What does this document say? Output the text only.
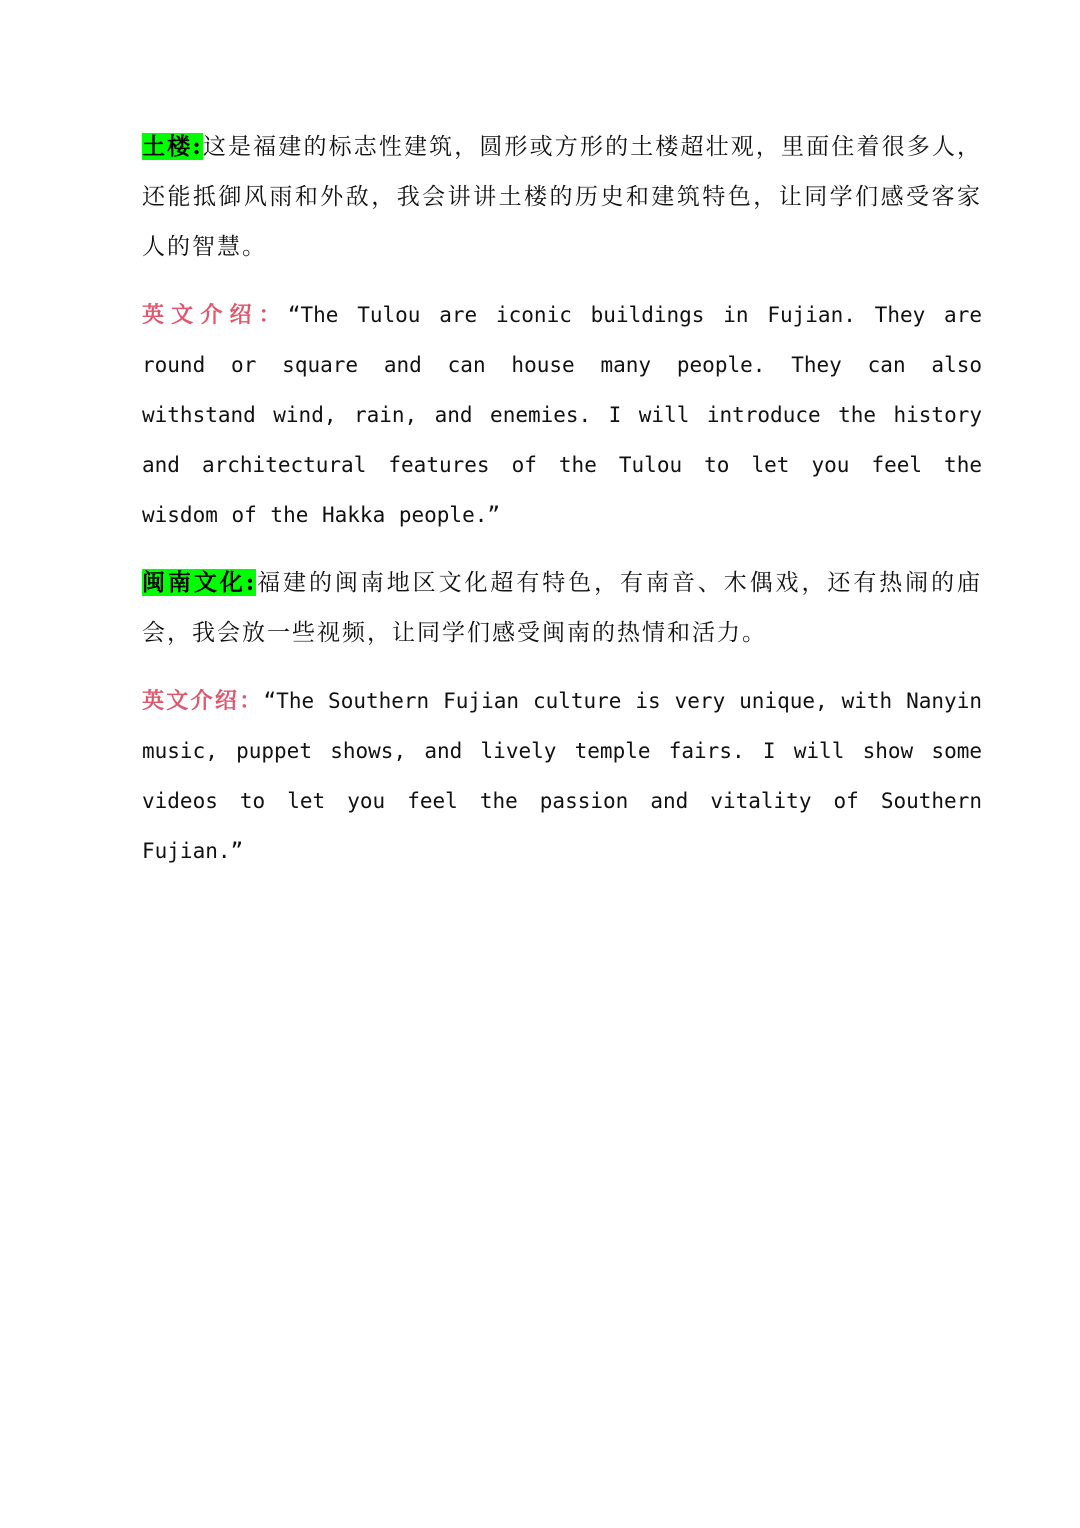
土楼:这是福建的标志性建筑，圆形或方形的土楼超壮观，里面住着很多人，还能抵御风雨和外敌，我会讲讲土楼的历史和建筑特色，让同学们感受客家人的智慧。

英文介绍：“The Tulou are iconic buildings in Fujian. They are round or square and can house many people. They can also withstand wind, rain, and enemies. I will introduce the history and architectural features of the Tulou to let you feel the wisdom of the Hakka people.”

闽南文化:福建的闽南地区文化超有特色，有南音、木偶戏，还有热闹的庙会，我会放一些视频，让同学们感受闽南的热情和活力。

英文介绍：“The Southern Fujian culture is very unique, with Nanyin music, puppet shows, and lively temple fairs. I will show some videos to let you feel the passion and vitality of Southern Fujian.”
